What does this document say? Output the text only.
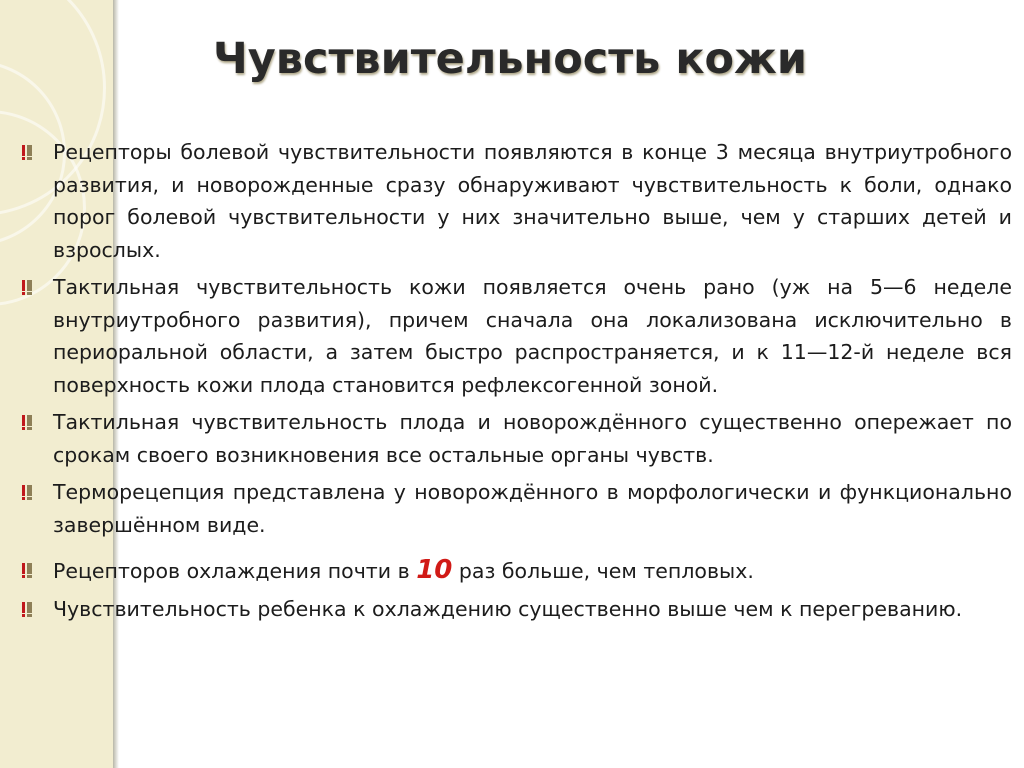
Чувствительность кожи
Рецепторы болевой чувствительности появляются в конце 3 месяца внутриутробного развития, и новорожденные сразу обнаруживают чувствительность к боли, однако порог болевой чувствительности у них значительно выше, чем у старших детей и взрослых.
Тактильная чувствительность кожи появляется очень рано (уж на 5—6 неделе внутриутробного развития), причем сначала она локализована исключительно в периоральной области, а затем быстро распространяется, и к 11—12-й неделе вся поверхность кожи плода становится рефлексогенной зоной.
Тактильная чувствительность плода и новорождённого существенно опережает по срокам своего возникновения все остальные органы чувств.
Терморецепция представлена у новорождённого в морфологически и функционально завершённом виде.
Рецепторов охлаждения почти в 10 раз больше, чем тепловых.
Чувствительность ребенка к охлаждению существенно выше чем к перегреванию.
